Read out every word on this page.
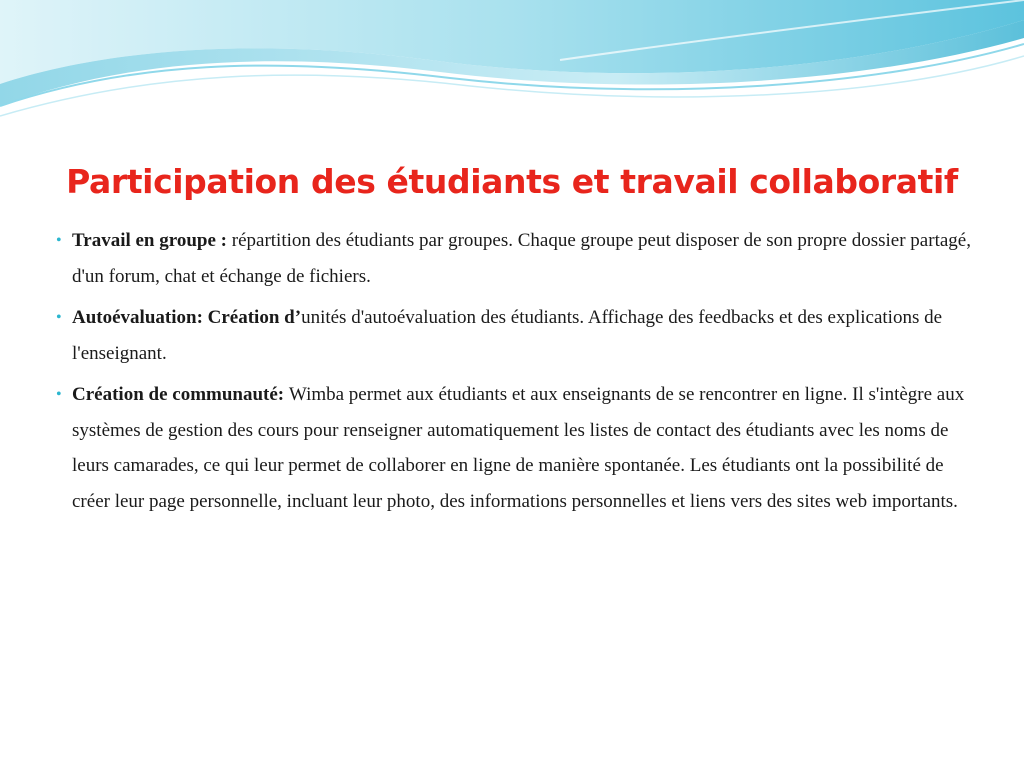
Participation des étudiants et travail collaboratif
• Travail en groupe : répartition des étudiants par groupes. Chaque groupe peut disposer de son propre dossier partagé, d'un forum, chat et échange de fichiers.
• Autoévaluation: Création d’unités d'autoévaluation des étudiants. Affichage des feedbacks et des explications de l'enseignant.
• Création de communauté: Wimba permet aux étudiants et aux enseignants de se rencontrer en ligne. Il s'intègre aux systèmes de gestion des cours pour renseigner automatiquement les listes de contact des étudiants avec les noms de leurs camarades, ce qui leur permet de collaborer en ligne de manière spontanée. Les étudiants ont la possibilité de créer leur page personnelle, incluant leur photo, des informations personnelles et liens vers des sites web importants.
